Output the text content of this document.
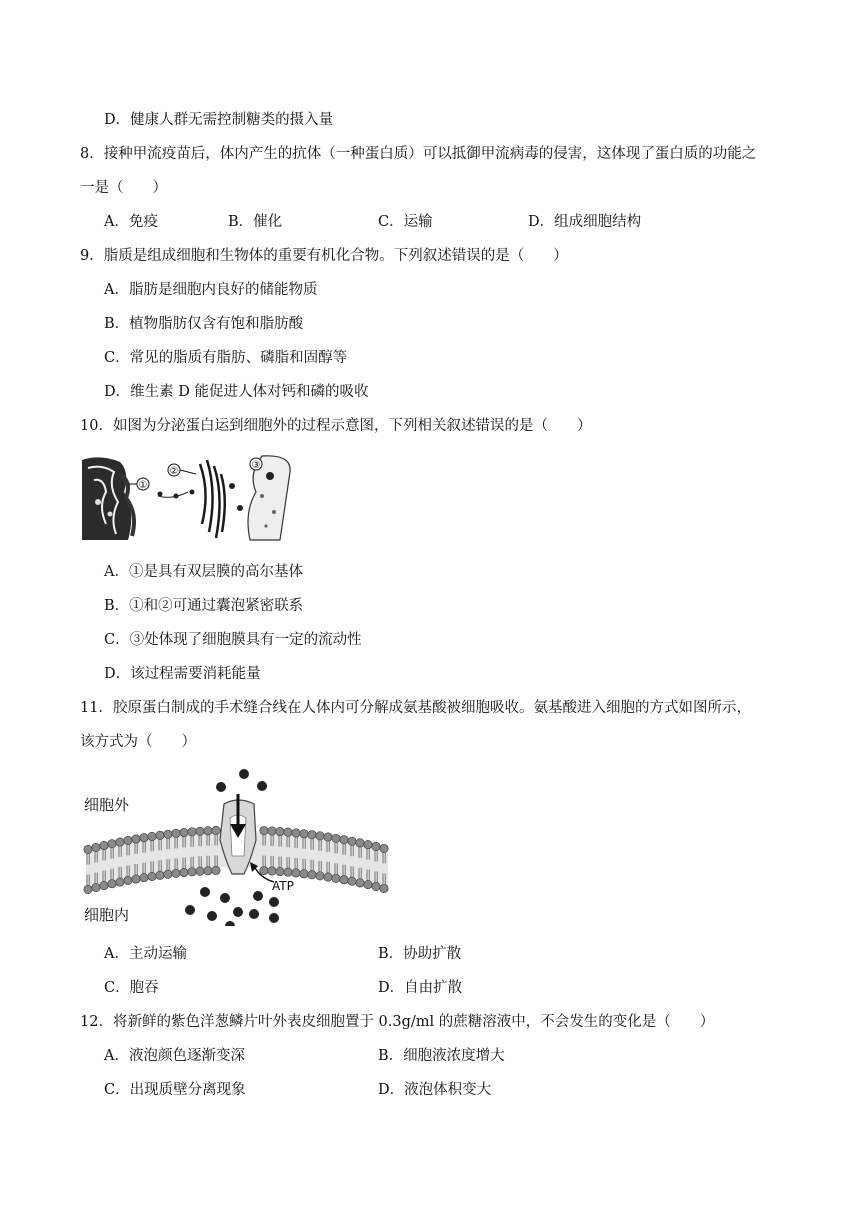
D．健康人群无需控制糖类的摄入量
8．接种甲流疫苗后，体内产生的抗体（一种蛋白质）可以抵御甲流病毒的侵害，这体现了蛋白质的功能之
一是（　　）
A．免疫	B．催化	C．运输	D．组成细胞结构
9．脂质是组成细胞和生物体的重要有机化合物。下列叙述错误的是（　　）
A．脂肪是细胞内良好的储能物质
B．植物脂肪仅含有饱和脂肪酸
C．常见的脂质有脂肪、磷脂和固醇等
D．维生素 D 能促进人体对钙和磷的吸收
10．如图为分泌蛋白运到细胞外的过程示意图，下列相关叙述错误的是（　　）
①
②
③
A．①是具有双层膜的高尔基体
B．①和②可通过囊泡紧密联系
C．③处体现了细胞膜具有一定的流动性
D．该过程需要消耗能量
11．胶原蛋白制成的手术缝合线在人体内可分解成氨基酸被细胞吸收。氨基酸进入细胞的方式如图所示，
该方式为（　　）
细胞外
细胞内
ATP
A．主动运输	B．协助扩散
C．胞吞	D．自由扩散
12．将新鲜的紫色洋葱鳞片叶外表皮细胞置于 0.3g/ml 的蔗糖溶液中，不会发生的变化是（　　）
A．液泡颜色逐渐变深	B．细胞液浓度增大
C．出现质壁分离现象	D．液泡体积变大
